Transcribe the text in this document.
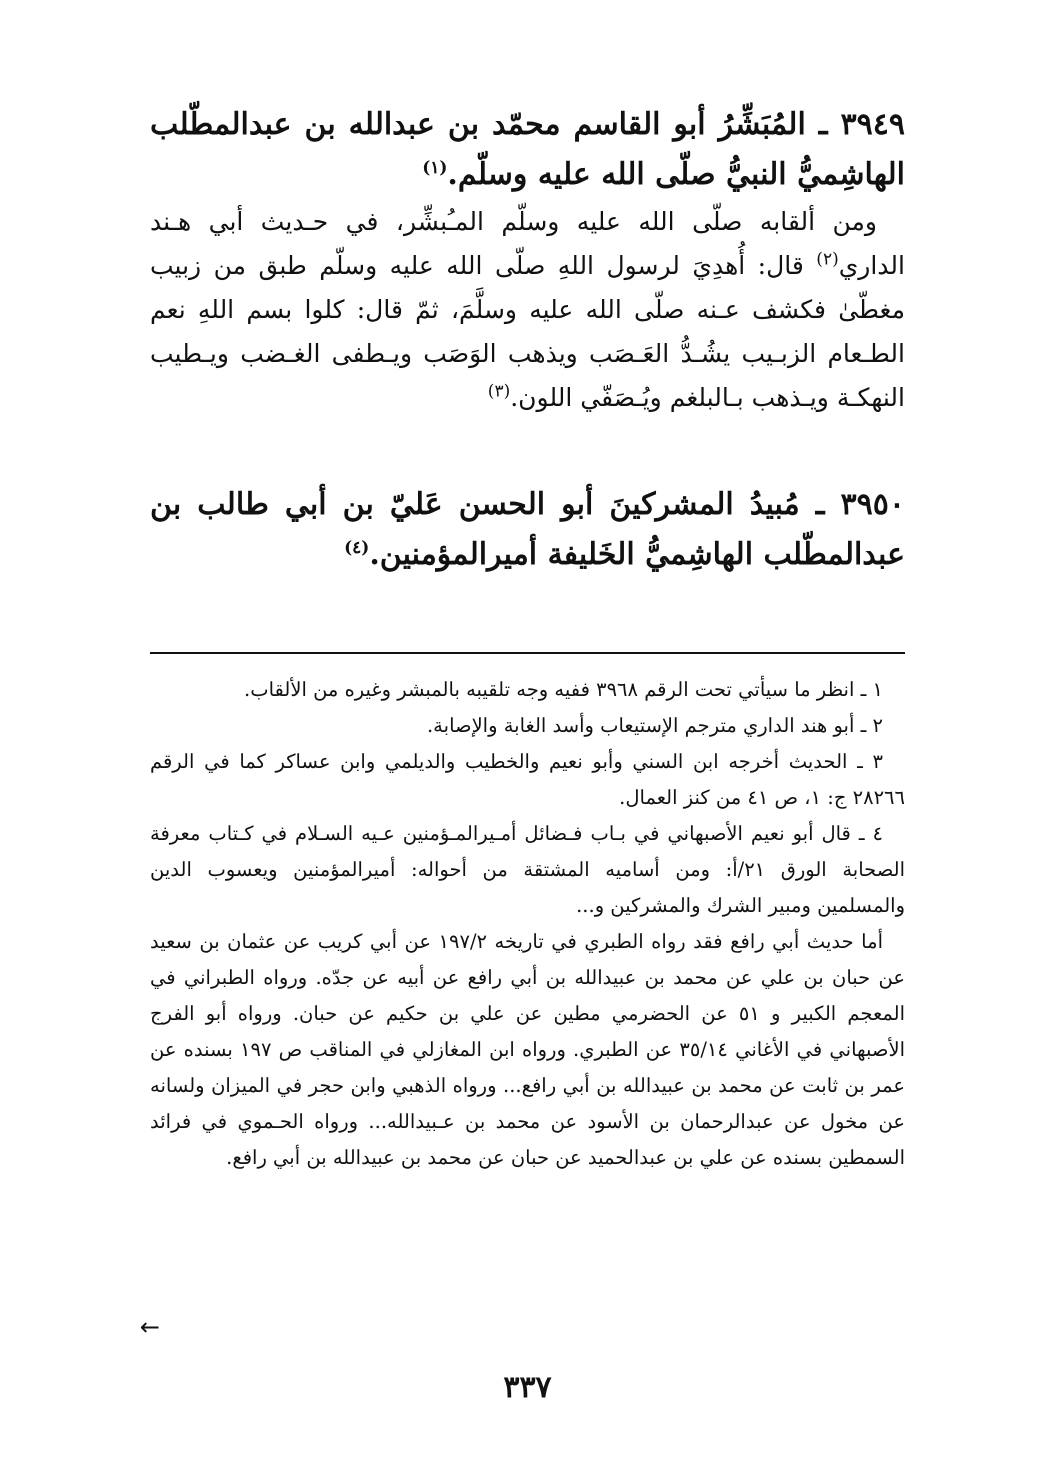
٣٩٤٩ ـ المُبَشِّرُ أبو القاسم محمّد بن عبدالله بن عبدالمطّلب الهاشِميُّ النبيُّ صلّى الله عليه وسلّم.$^{(١)}$

ومن ألقابه صلّى الله عليه وسلّم المـُبشِّر، في حـديث أبي هـند الداري$^{(٢)}$ قال: أُهدِيَ لرسول اللهِ صلّى الله عليه وسلّم طبق من زبيب مغطّىٰ فكشف عـنه صلّى الله عليه وسلَّمَ، ثمّ قال: كلوا بسم اللهِ نعم الطـعام الزبـيب يشُـدُّ العَـصَب ويذهب الوَصَب ويـطفى الغـضب ويـطيب النهكـة ويـذهب بـالبلغم ويُـصَفّي اللون.$^{(٣)}$

٣٩٥٠ ـ مُبيدُ المشركينَ أبو الحسن عَليّ بن أبي طالب بن عبدالمطّلب الهاشِميُّ الخَليفة أميرالمؤمنين.$^{(٤)}$

١ ـ انظر ما سيأتي تحت الرقم ٣٩٦٨ ففيه وجه تلقيبه بالمبشر وغيره من الألقاب.

٢ ـ أبو هند الداري مترجم الإستيعاب وأسد الغابة والإصابة.

٣ ـ الحديث أخرجه ابن السني وأبو نعيم والخطيب والديلمي وابن عساكر كما في الرقم ٢٨٢٦٦ ج: ١، ص ٤١ من كنز العمال.

٤ ـ قال أبو نعيم الأصبهاني في بـاب فـضائل أمـيرالمـؤمنين عـيه السـلام في كـتاب معرفة الصحابة الورق ٢١/أ: ومن أساميه المشتقة من أحواله: أميرالمؤمنين ويعسوب الدين والمسلمين ومبير الشرك والمشركين و...

أما حديث أبي رافع فقد رواه الطبري في تاريخه ١٩٧/٢ عن أبي كريب عن عثمان بن سعيد عن حبان بن علي عن محمد بن عبيدالله بن أبي رافع عن أبيه عن جدّه. ورواه الطبراني في المعجم الكبير و ٥١ عن الحضرمي مطين عن علي بن حكيم عن حبان. ورواه أبو الفرج الأصبهاني في الأغاني ٣٥/١٤ عن الطبري. ورواه ابن المغازلي في المناقب ص ١٩٧ بسنده عن عمر بن ثابت عن محمد بن عبيدالله بن أبي رافع... ورواه الذهبي وابن حجر في الميزان ولسانه عن مخول عن عبدالرحمان بن الأسود عن محمد بن عـبيدالله... ورواه الحـموي في فرائد السمطين بسنده عن علي بن عبدالحميد عن حبان عن محمد بن عبيدالله بن أبي رافع.

←
٣٣٧
